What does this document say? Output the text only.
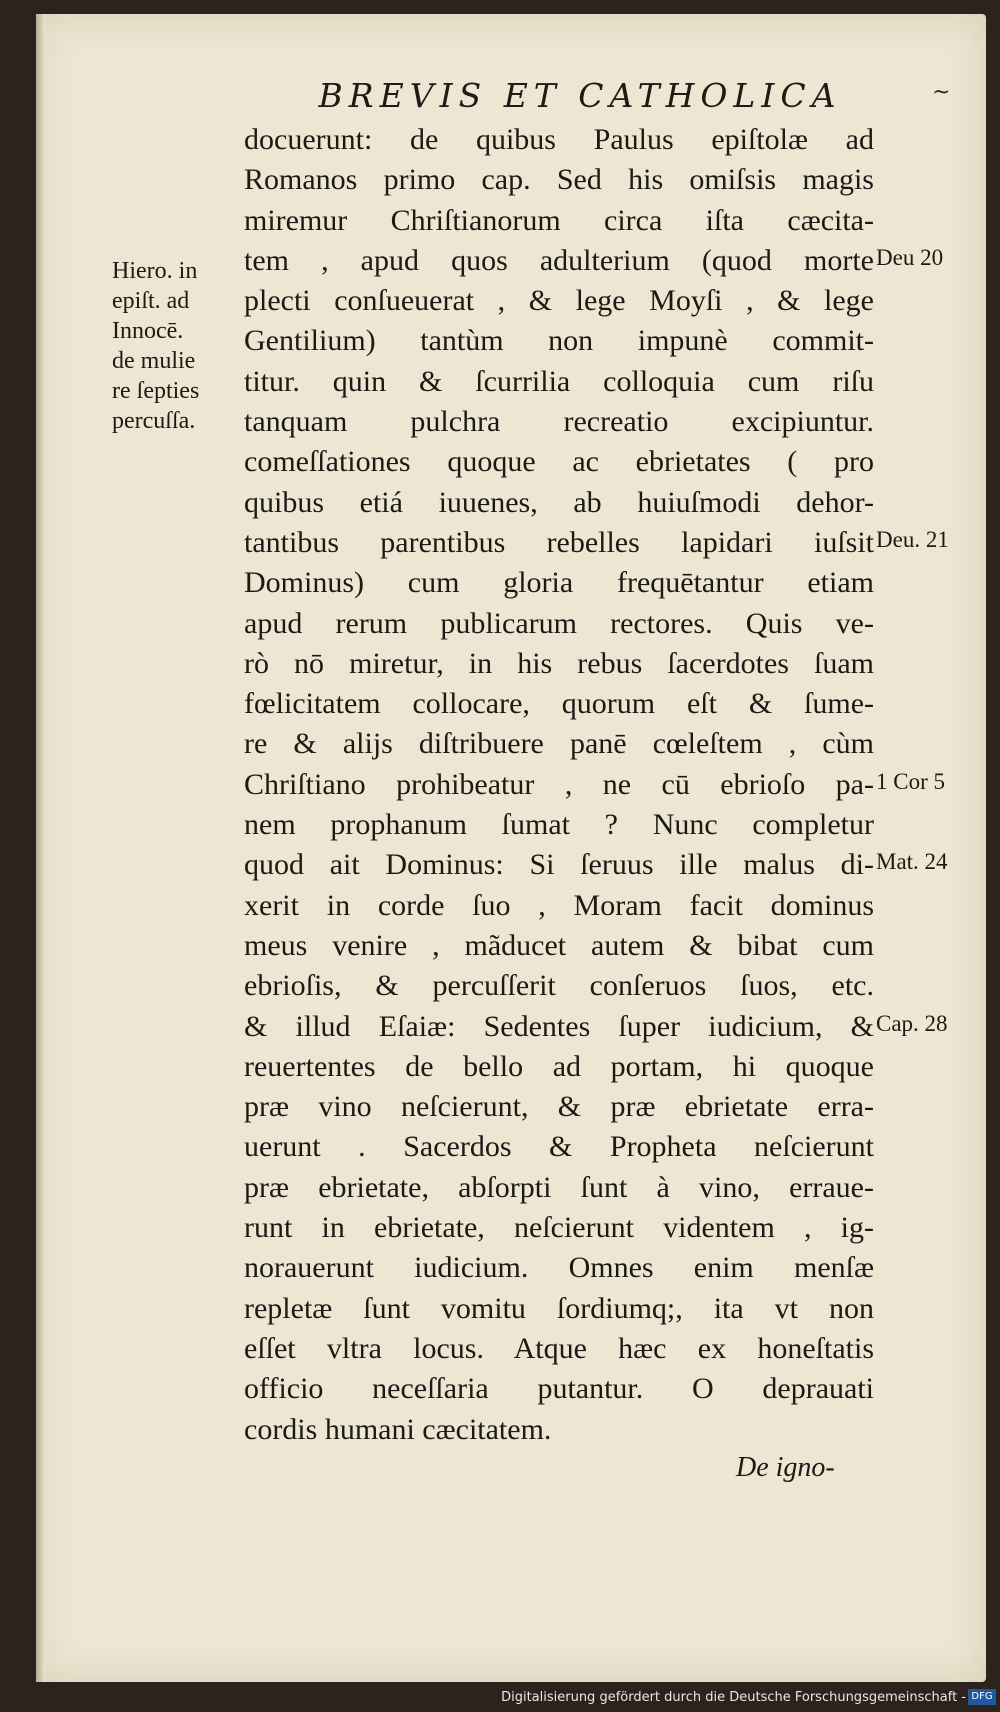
BREVIS ET CATHOLICA	~
Hiero. in
epiſt. ad
Innocē.
de mulie
re ſepties
percuſſa.
docuerunt: de quibus Paulus epiſtolæ ad
Romanos primo cap. Sed his omiſsis magis
miremur Chriſtianorum circa iſta cæcita-
tem , apud quos adulterium (quod morte
plecti conſueuerat , & lege Moyſi , & lege
Gentilium) tantùm non impunè commit-
titur. quin & ſcurrilia colloquia cum riſu
tanquam pulchra recreatio excipiuntur.
comeſſationes quoque ac ebrietates ( pro
quibus etiá iuuenes, ab huiuſmodi dehor-
tantibus parentibus rebelles lapidari iuſsit
Dominus) cum gloria frequētantur etiam
apud rerum publicarum rectores. Quis ve-
rò nō miretur, in his rebus ſacerdotes ſuam
fœlicitatem collocare, quorum eſt & ſume-
re & alijs diſtribuere panē cœleſtem , cùm
Chriſtiano prohibeatur , ne cū ebrioſo pa-
nem prophanum ſumat ? Nunc completur
quod ait Dominus: Si ſeruus ille malus di-
xerit in corde ſuo , Moram facit dominus
meus venire , mãducet autem & bibat cum
ebrioſis, & percuſſerit conſeruos ſuos, etc.
& illud Eſaiæ: Sedentes ſuper iudicium, &
reuertentes de bello ad portam, hi quoque
præ vino neſcierunt, & præ ebrietate erra-
uerunt . Sacerdos & Propheta neſcierunt
præ ebrietate, abſorpti ſunt à vino, erraue-
runt in ebrietate, neſcierunt videntem , ig-
norauerunt iudicium. Omnes enim menſæ
repletæ ſunt vomitu ſordiumq;, ita vt non
eſſet vltra locus. Atque hæc ex honeſtatis
officio neceſſaria putantur. O deprauati
cordis humani cæcitatem.
Deu 20
Deu. 21
1 Cor 5
Mat. 24
Cap. 28
De igno-
Digitalisierung gefördert durch die Deutsche Forschungsgemeinschaft - DFG
